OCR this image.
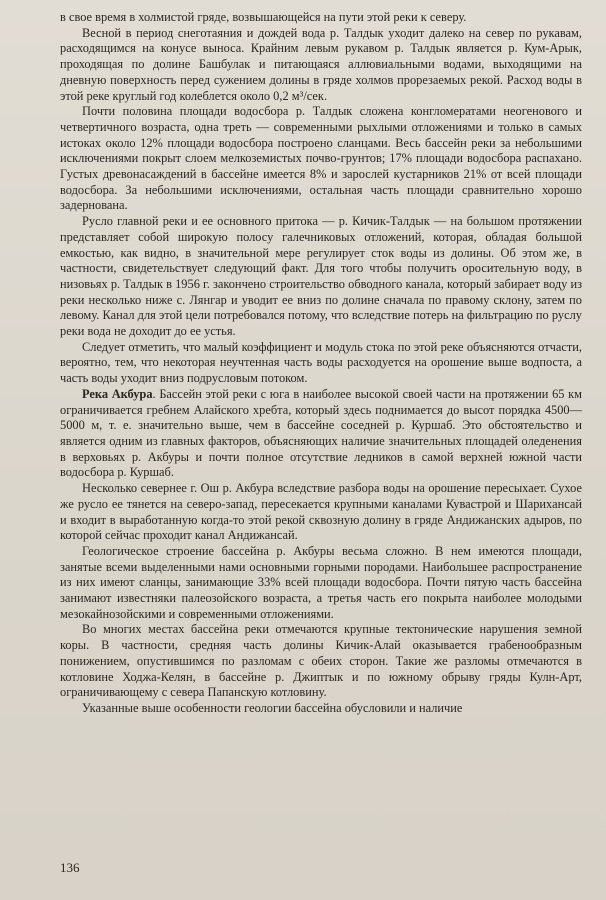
в свое время в холмистой гряде, возвышающейся на пути этой реки к северу.

Весной в период снеготаяния и дождей вода р. Талдык уходит далеко на север по рукавам, расходящимся на конусе выноса. Крайним левым рукавом р. Талдык является р. Кум-Арык, проходящая по долине Башбулак и питающаяся аллювиальными водами, выходящими на дневную поверхность перед сужением долины в гряде холмов прорезаемых рекой. Расход воды в этой реке круглый год колеблется около 0,2 м³/сек.

Почти половина площади водосбора р. Талдык сложена конгломератами неогенового и четвертичного возраста, одна треть — современными рыхлыми отложениями и только в самых истоках около 12% площади водосбора построено сланцами. Весь бассейн реки за небольшими исключениями покрыт слоем мелкоземистых почво-грунтов; 17% площади водосбора распахано. Густых древонасаждений в бассейне имеется 8% и зарослей кустарников 21% от всей площади водосбора. За небольшими исключениями, остальная часть площади сравнительно хорошо задернована.

Русло главной реки и ее основного притока — р. Кичик-Талдык — на большом протяжении представляет собой широкую полосу галечниковых отложений, которая, обладая большой емкостью, как видно, в значительной мере регулирует сток воды из долины. Об этом же, в частности, свидетельствует следующий факт. Для того чтобы получить оросительную воду, в низовьях р. Талдык в 1956 г. закончено строительство обводного канала, который забирает воду из реки несколько ниже с. Лянгар и уводит ее вниз по долине сначала по правому склону, затем по левому. Канал для этой цели потребовался потому, что вследствие потерь на фильтрацию по руслу реки вода не доходит до ее устья.

Следует отметить, что малый коэффициент и модуль стока по этой реке объясняются отчасти, вероятно, тем, что некоторая неучтенная часть воды расходуется на орошение выше водпоста, а часть воды уходит вниз подрусловым потоком.

Река Акбура. Бассейн этой реки с юга в наиболее высокой своей части на протяжении 65 км ограничивается гребнем Алайского хребта, который здесь поднимается до высот порядка 4500—5000 м, т. е. значительно выше, чем в бассейне соседней р. Куршаб. Это обстоятельство и является одним из главных факторов, объясняющих наличие значительных площадей оледенения в верховьях р. Акбуры и почти полное отсутствие ледников в самой верхней южной части водосбора р. Куршаб.

Несколько севернее г. Ош р. Акбура вследствие разбора воды на орошение пересыхает. Сухое же русло ее тянется на северо-запад, пересекается крупными каналами Куваcтрой и Шарихансай и входит в выработанную когда-то этой рекой сквозную долину в гряде Андижанских адыров, по которой сейчас проходит канал Андижансай.

Геологическое строение бассейна р. Акбуры весьма сложно. В нем имеются площади, занятые всеми выделенными нами основными горными породами. Наибольшее распространение из них имеют сланцы, занимающие 33% всей площади водосбора. Почти пятую часть бассейна занимают известняки палеозойского возраста, а третья часть его покрыта наиболее молодыми мезокайнозойскими и современными отложениями.

Во многих местах бассейна реки отмечаются крупные тектонические нарушения земной коры. В частности, средняя часть долины Кичик-Алай оказывается грабенообразным понижением, опустившимся по разломам с обеих сторон. Такие же разломы отмечаются в котловине Ходжа-Келян, в бассейне р. Джиптык и по южному обрыву гряды Кулн-Арт, ограничивающему с севера Папанскую котловину.

Указанные выше особенности геологии бассейна обусловили и наличие

136
